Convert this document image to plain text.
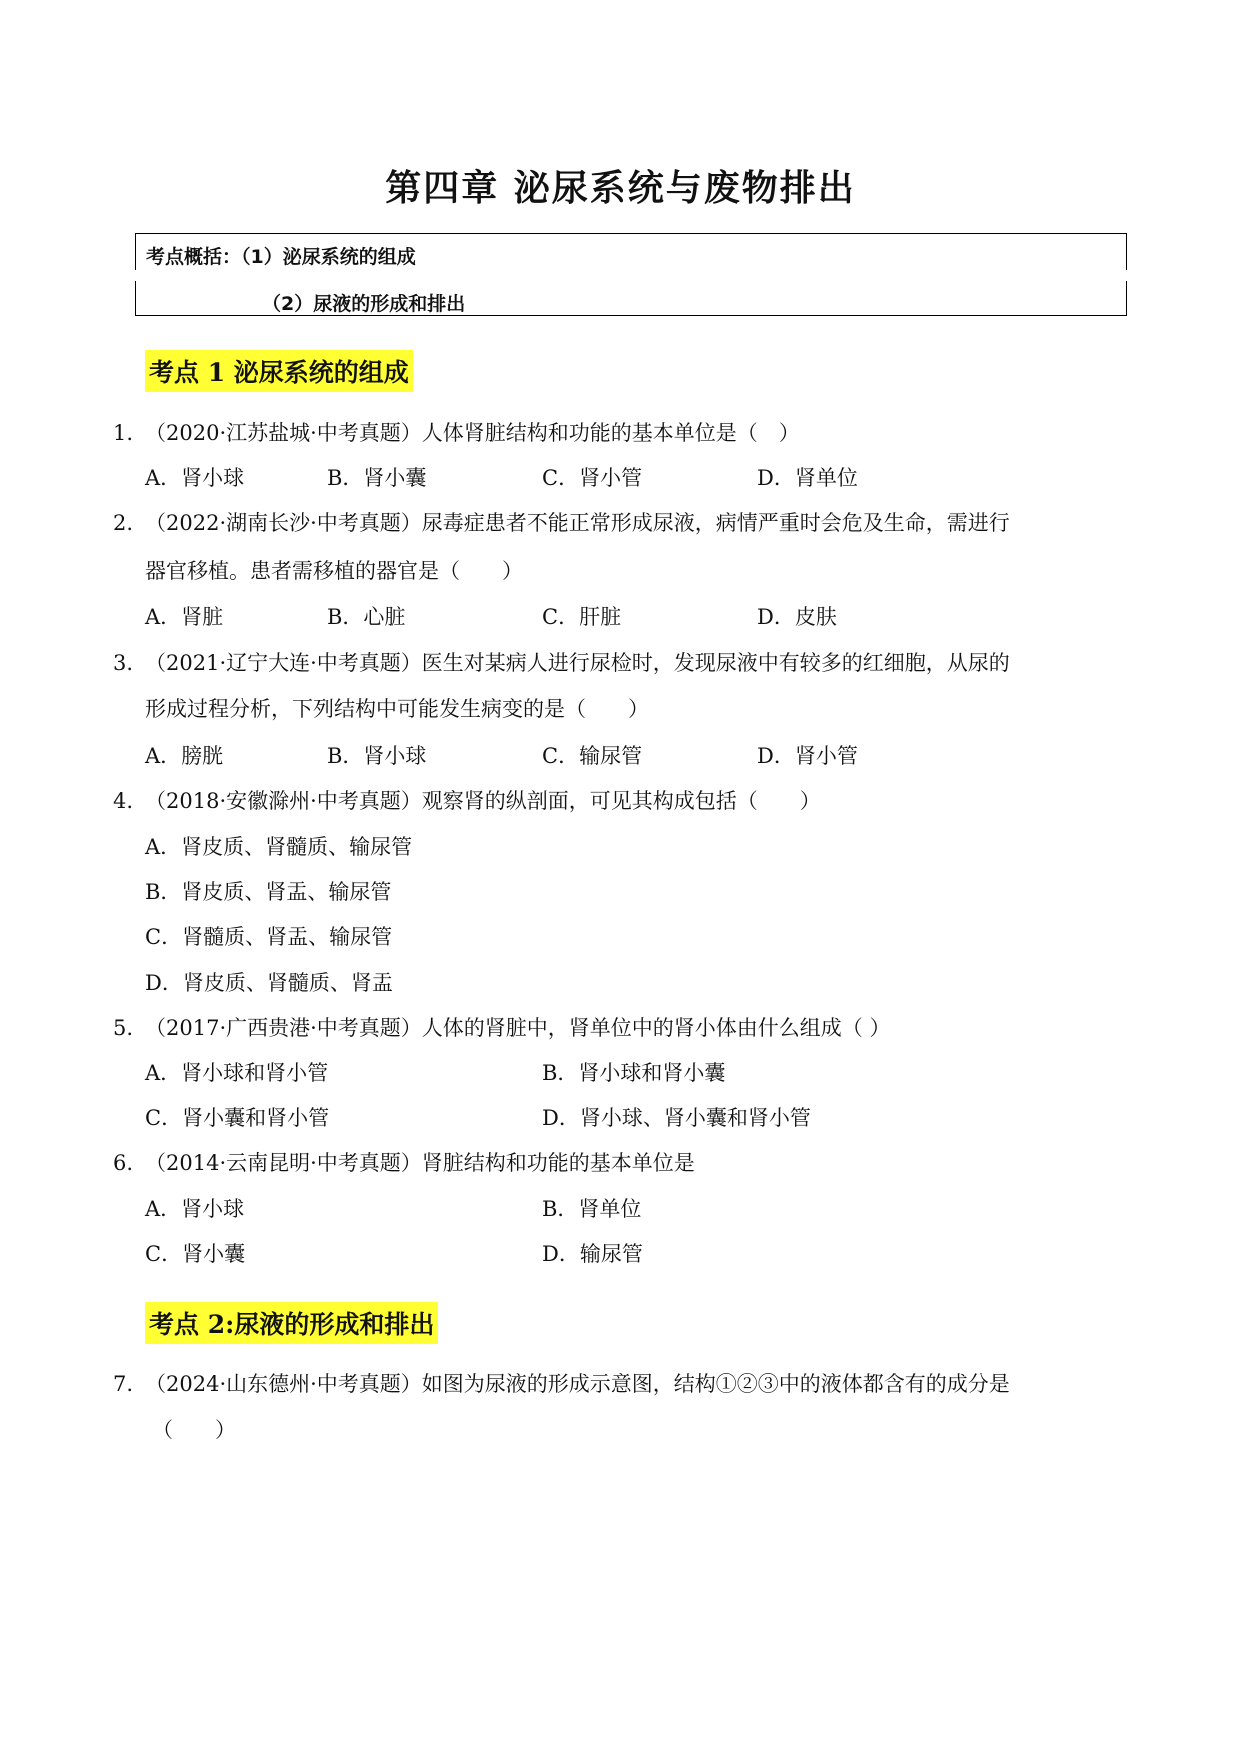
第四章 泌尿系统与废物排出
考点概括：（1）泌尿系统的组成
（2）尿液的形成和排出
考点 1 泌尿系统的组成
1. （2020·江苏盐城·中考真题）人体肾脏结构和功能的基本单位是（　）
A．肾小球	B．肾小囊	C．肾小管	D．肾单位
2. （2022·湖南长沙·中考真题）尿毒症患者不能正常形成尿液，病情严重时会危及生命，需进行
器官移植。患者需移植的器官是（　　）
A．肾脏	B．心脏	C．肝脏	D．皮肤
3. （2021·辽宁大连·中考真题）医生对某病人进行尿检时，发现尿液中有较多的红细胞，从尿的
形成过程分析，下列结构中可能发生病变的是（　　）
A．膀胱	B．肾小球	C．输尿管	D．肾小管
4. （2018·安徽滁州·中考真题）观察肾的纵剖面，可见其构成包括（　　）
A．肾皮质、肾髓质、输尿管
B．肾皮质、肾盂、输尿管
C．肾髓质、肾盂、输尿管
D．肾皮质、肾髓质、肾盂
5. （2017·广西贵港·中考真题）人体的肾脏中，肾单位中的肾小体由什么组成（ ）
A．肾小球和肾小管	B．肾小球和肾小囊
C．肾小囊和肾小管	D．肾小球、肾小囊和肾小管
6. （2014·云南昆明·中考真题）肾脏结构和功能的基本单位是
A．肾小球	B．肾单位
C．肾小囊	D．输尿管
考点 2:尿液的形成和排出
7. （2024·山东德州·中考真题）如图为尿液的形成示意图，结构①②③中的液体都含有的成分是
（　　）
